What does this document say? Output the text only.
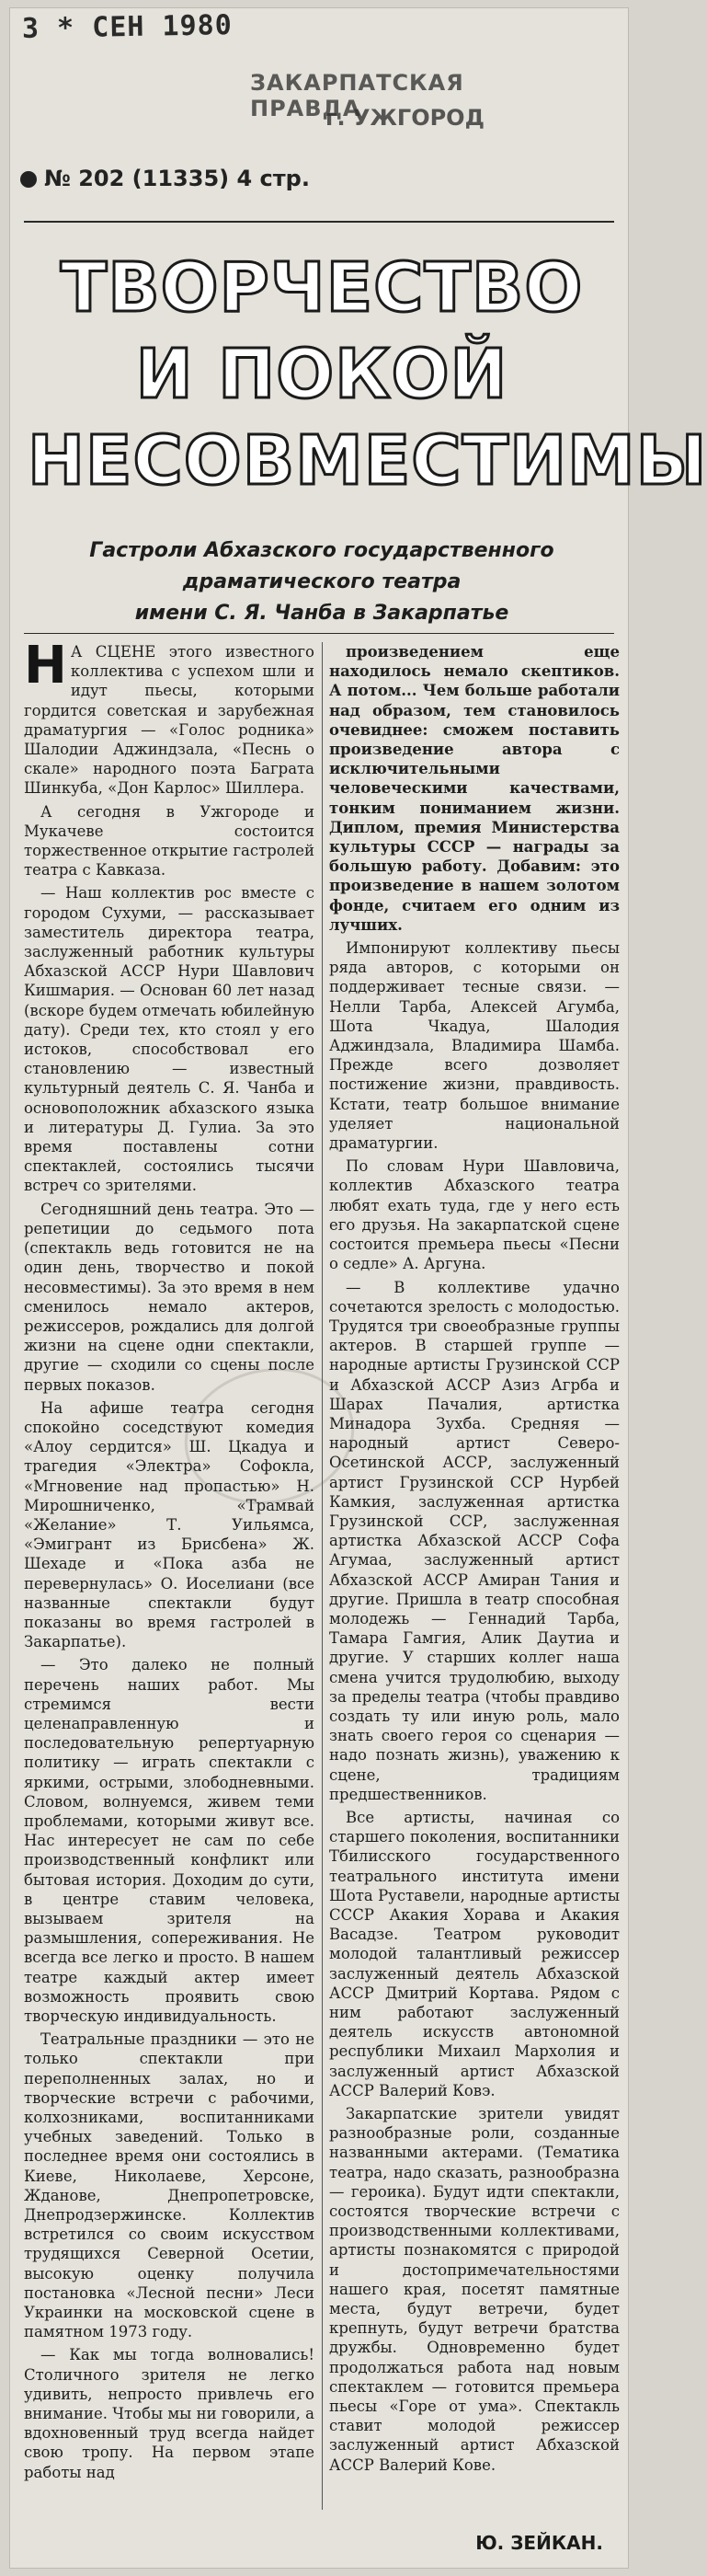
3 * СЕН 1980
ЗАКАРПАТСКАЯ ПРАВДА
г. УЖГОРОД
№ 202 (11335) 4 стр.
ТВОРЧЕСТВО
И ПОКОЙ
НЕСОВМЕСТИМЫ
Гастроли Абхазского государственного
драматического театра
имени С. Я. Чанба в Закарпатье

Н А СЦЕНЕ этого известного коллектива с успехом шли и идут пьесы, которыми гордится советская и зарубежная драматургия — «Голос родника» Шалодии Аджиндзала, «Песнь о скале» народного поэта Баграта Шинкуба, «Дон Карлос» Шиллера.

А сегодня в Ужгороде и Мукачеве состоится торжественное открытие гастролей театра с Кавказа.

— Наш коллектив рос вместе с городом Сухуми, — рассказывает заместитель директора театра, заслуженный работник культуры Абхазской АССР Нури Шавлович Кишмария. — Основан 60 лет назад (вскоре будем отмечать юбилейную дату). Среди тех, кто стоял у его истоков, способствовал его становлению — известный культурный деятель С. Я. Чанба и основоположник абхазского языка и литературы Д. Гулиа. За это время поставлены сотни спектаклей, состоялись тысячи встреч со зрителями.

Сегодняшний день театра. Это — репетиции до седьмого пота (спектакль ведь готовится не на один день, творчество и покой несовместимы). За это время в нем сменилось немало актеров, режиссеров, рождались для долгой жизни на сцене одни спектакли, другие — сходили со сцены после первых показов.

На афише театра сегодня спокойно соседствуют комедия «Алоу сердится» Ш. Цкадуа и трагедия «Электра» Софокла, «Мгновение над пропастью» Н. Мирошниченко, «Трамвай «Желание» Т. Уильямса, «Эмигрант из Брисбена» Ж. Шехаде и «Пока азба не перевернулась» О. Иоселиани (все названные спектакли будут показаны во время гастролей в Закарпатье).

— Это далеко не полный перечень наших работ. Мы стремимся вести целенаправленную и последовательную репертуарную политику — играть спектакли с яркими, острыми, злободневными. Словом, волнуемся, живем теми проблемами, которыми живут все. Нас интересует не сам по себе производственный конфликт или бытовая история. Доходим до сути, в центре ставим человека, вызываем зрителя на размышления, сопереживания. Не всегда все легко и просто. В нашем театре каждый актер имеет возможность проявить свою творческую индивидуальность.

Театральные праздники — это не только спектакли при переполненных залах, но и творческие встречи с рабочими, колхозниками, воспитанниками учебных заведений. Только в последнее время они состоялись в Киеве, Николаеве, Херсоне, Жданове, Днепропетровске, Днепродзержинске. Коллектив встретился со своим искусством трудящихся Северной Осетии, высокую оценку получила постановка «Лесной песни» Леси Украинки на московской сцене в памятном 1973 году.

— Как мы тогда волновались! Столичного зрителя не легко удивить, непросто привлечь его внимание. Чтобы мы ни говорили, а вдохновенный труд всегда найдет свою тропу. На первом этапе работы над

произведением еще находилось немало скептиков. А потом... Чем больше работали над образом, тем становилось очевиднее: сможем поставить произведение автора с исключительными человеческими качествами, тонким пониманием жизни. Диплом, премия Министерства культуры СССР — награды за большую работу. Добавим: это произведение в нашем золотом фонде, считаем его одним из лучших.

Импонируют коллективу пьесы ряда авторов, с которыми он поддерживает тесные связи. — Нелли Тарба, Алексей Агумба, Шота Чкадуа, Шалодия Аджиндзала, Владимира Шамба. Прежде всего дозволяет постижение жизни, правдивость. Кстати, театр большое внимание уделяет национальной драматургии.

По словам Нури Шавловича, коллектив Абхазского театра любят ехать туда, где у него есть его друзья. На закарпатской сцене состоится премьера пьесы «Песни о седле» А. Аргуна.

— В коллективе удачно сочетаются зрелость с молодостью. Трудятся три своеобразные группы актеров. В старшей группе — народные артисты Грузинской ССР и Абхазской АССР Азиз Агрба и Шарах Пачалия, артистка Минадора Зухба. Средняя — народный артист Северо-Осетинской АССР, заслуженный артист Грузинской ССР Нурбей Камкия, заслуженная артистка Грузинской ССР, заслуженная артистка Абхазской АССР Софа Агумаа, заслуженный артист Абхазской АССР Амиран Тания и другие. Пришла в театр способная молодежь — Геннадий Тарба, Тамара Гамгия, Алик Даутиа и другие. У старших коллег наша смена учится трудолюбию, выходу за пределы театра (чтобы правдиво создать ту или иную роль, мало знать своего героя со сценария — надо познать жизнь), уважению к сцене, традициям предшественников.

Все артисты, начиная со старшего поколения, воспитанники Тбилисского государственного театрального института имени Шота Руставели, народные артисты СССР Акакия Хорава и Акакия Васадзе. Театром руководит молодой талантливый режиссер заслуженный деятель Абхазской АССР Дмитрий Кортава. Рядом с ним работают заслуженный деятель искусств автономной республики Михаил Мархолия и заслуженный артист Абхазской АССР Валерий Ковэ.

Закарпатские зрители увидят разнообразные роли, созданные названными актерами. (Тематика театра, надо сказать, разнообразна — героика). Будут идти спектакли, состоятся творческие встречи с производственными коллективами, артисты познакомятся с природой и достопримечательностями нашего края, посетят памятные места, будут ветречи, будет крепнуть, будут ветречи братства дружбы. Одновременно будет продолжаться работа над новым спектаклем — готовится премьера пьесы «Горе от ума». Спектакль ставит молодой режиссер заслуженный артист Абхазской АССР Валерий Кове.

Ю. ЗЕЙКАН.
